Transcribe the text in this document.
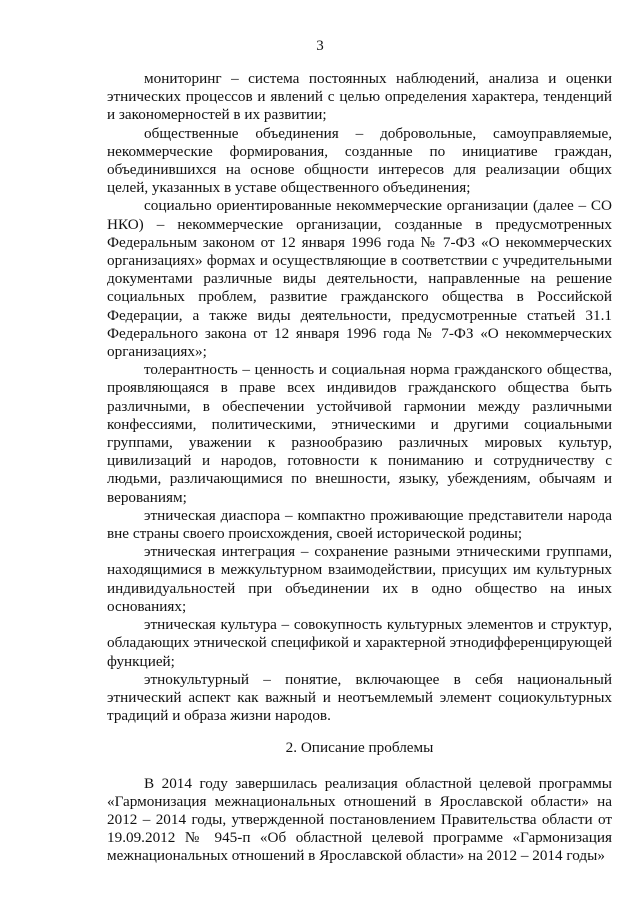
3

мониторинг – система постоянных наблюдений, анализа и оценки этнических процессов и явлений с целью определения характера, тенденций и закономерностей в их развитии;

общественные объединения – добровольные, самоуправляемые, некоммерческие формирования, созданные по инициативе граждан, объединившихся на основе общности интересов для реализации общих целей, указанных в уставе общественного объединения;

социально ориентированные некоммерческие организации (далее – СО НКО) – некоммерческие организации, созданные в предусмотренных Федеральным законом от 12 января 1996 года № 7-ФЗ «О некоммерческих организациях» формах и осуществляющие в соответствии с учредительными документами различные виды деятельности, направленные на решение социальных проблем, развитие гражданского общества в Российской Федерации, а также виды деятельности, предусмотренные статьей 31.1 Федерального закона от 12 января 1996 года № 7-ФЗ «О некоммерческих организациях»;

толерантность – ценность и социальная норма гражданского общества, проявляющаяся в праве всех индивидов гражданского общества быть различными, в обеспечении устойчивой гармонии между различными конфессиями, политическими, этническими и другими социальными группами, уважении к разнообразию различных мировых культур, цивилизаций и народов, готовности к пониманию и сотрудничеству с людьми, различающимися по внешности, языку, убеждениям, обычаям и верованиям;

этническая диаспора – компактно проживающие представители народа вне страны своего происхождения, своей исторической родины;

этническая интеграция – сохранение разными этническими группами, находящимися в межкультурном взаимодействии, присущих им культурных индивидуальностей при объединении их в одно общество на иных основаниях;

этническая культура – совокупность культурных элементов и структур, обладающих этнической спецификой и характерной этнодифференцирующей функцией;

этнокультурный – понятие, включающее в себя национальный этнический аспект как важный и неотъемлемый элемент социокультурных традиций и образа жизни народов.

2. Описание проблемы

В 2014 году завершилась реализация областной целевой программы «Гармонизация межнациональных отношений в Ярославской области» на 2012 – 2014 годы, утвержденной постановлением Правительства области от 19.09.2012 № 945-п «Об областной целевой программе «Гармонизация межнациональных отношений в Ярославской области» на 2012 – 2014 годы»
